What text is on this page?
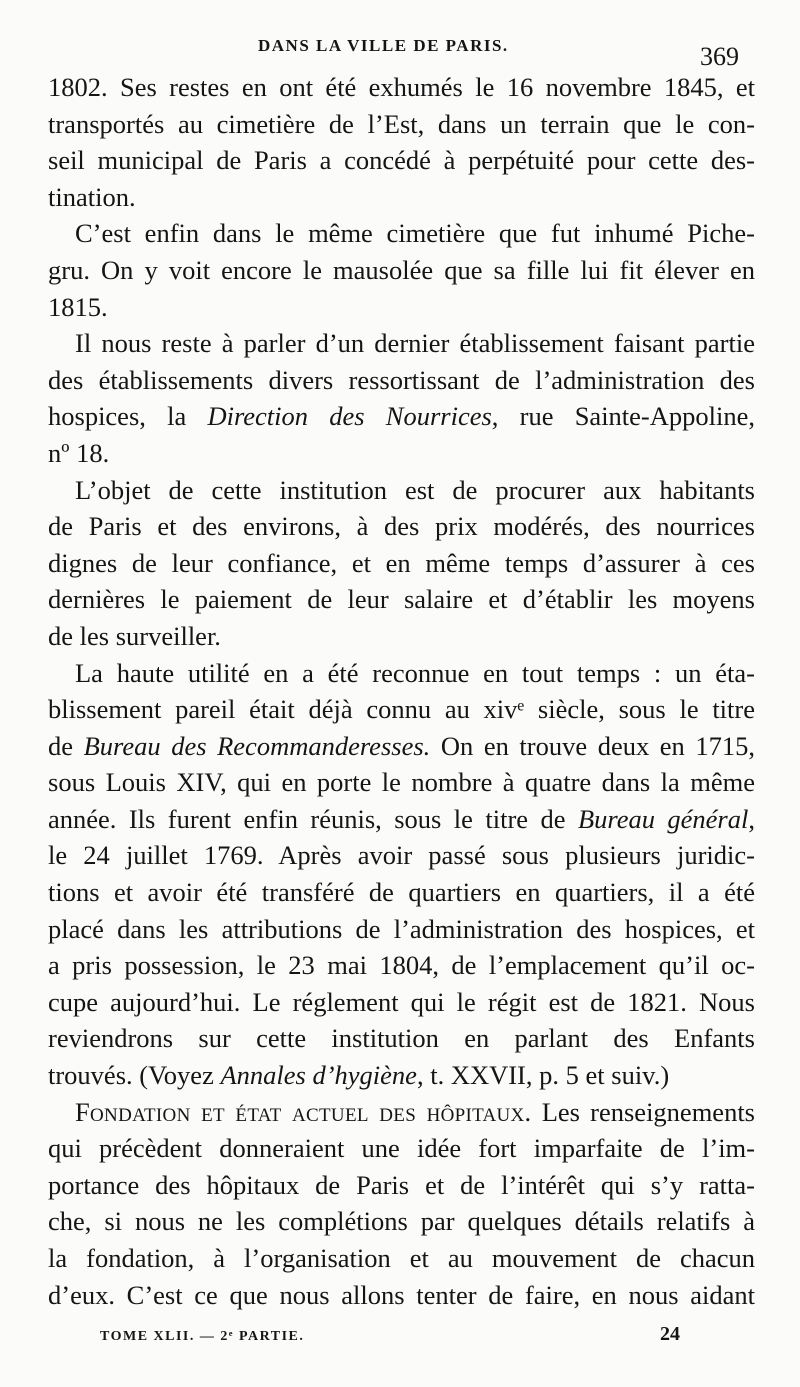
DANS LA VILLE DE PARIS.	369
1802. Ses restes en ont été exhumés le 16 novembre 1845, et
transportés au cimetière de l’Est, dans un terrain que le con-
seil municipal de Paris a concédé à perpétuité pour cette des-
tination.
C’est enfin dans le même cimetière que fut inhumé Piche-
gru. On y voit encore le mausolée que sa fille lui fit élever en
1815.
Il nous reste à parler d’un dernier établissement faisant partie
des établissements divers ressortissant de l’administration des
hospices, la Direction des Nourrices, rue Sainte-Appoline,
nº 18.
L’objet de cette institution est de procurer aux habitants
de Paris et des environs, à des prix modérés, des nourrices
dignes de leur confiance, et en même temps d’assurer à ces
dernières le paiement de leur salaire et d’établir les moyens
de les surveiller.
La haute utilité en a été reconnue en tout temps : un éta-
blissement pareil était déjà connu au xivᵉ siècle, sous le titre
de Bureau des Recommanderesses. On en trouve deux en 1715,
sous Louis XIV, qui en porte le nombre à quatre dans la même
année. Ils furent enfin réunis, sous le titre de Bureau général,
le 24 juillet 1769. Après avoir passé sous plusieurs juridic-
tions et avoir été transféré de quartiers en quartiers, il a été
placé dans les attributions de l’administration des hospices, et
a pris possession, le 23 mai 1804, de l’emplacement qu’il oc-
cupe aujourd’hui. Le réglement qui le régit est de 1821. Nous
reviendrons sur cette institution en parlant des Enfants
trouvés. (Voyez Annales d’hygiène, t. XXVII, p. 5 et suiv.)
Fondation et état actuel des hôpitaux. Les renseignements
qui précèdent donneraient une idée fort imparfaite de l’im-
portance des hôpitaux de Paris et de l’intérêt qui s’y ratta-
che, si nous ne les complétions par quelques détails relatifs à
la fondation, à l’organisation et au mouvement de chacun
d’eux. C’est ce que nous allons tenter de faire, en nous aidant
TOME XLII. — 2ᵉ PARTIE.	24
